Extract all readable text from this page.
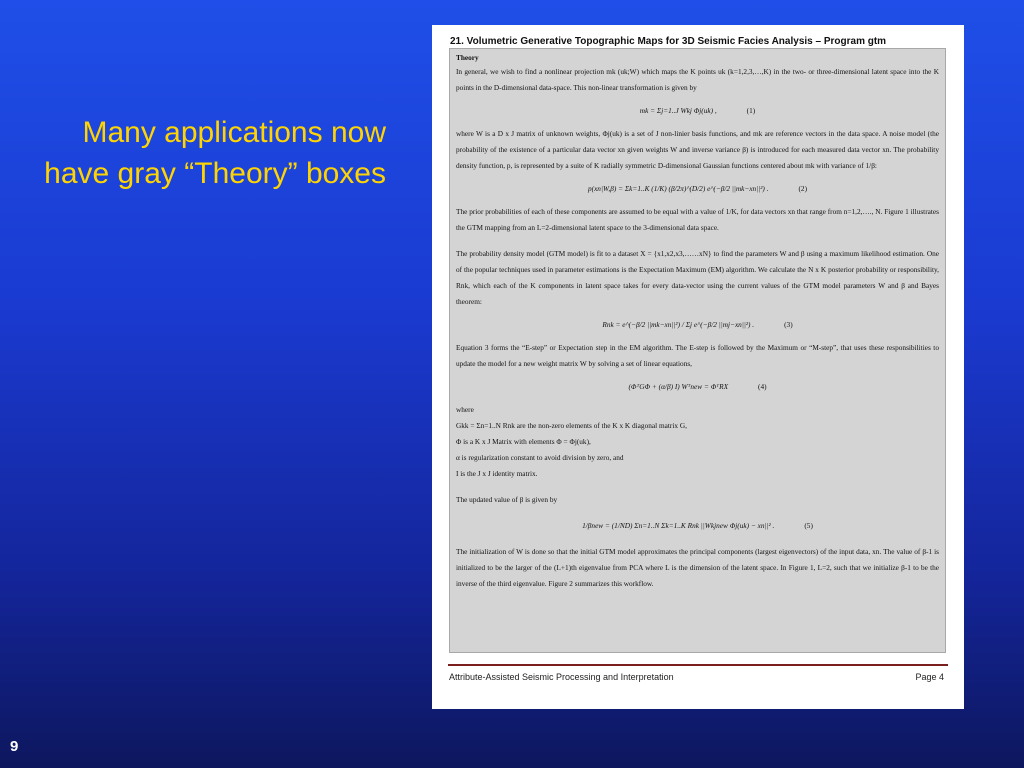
Many applications now have gray “Theory” boxes
21. Volumetric Generative Topographic Maps for 3D Seismic Facies Analysis – Program gtm

Theory

In general, we wish to find a nonlinear projection mk (uk;W) which maps the K points uk (k=1,2,3,…,K) in the two- or three-dimensional latent space into the K points in the D-dimensional data-space. This non-linear transformation is given by

mk = Σj=1..J Wkj Φj(uk) ,	(1)

where W is a D x J matrix of unknown weights, Φj(uk) is a set of J non-linier basis functions, and mk are reference vectors in the data space. A noise model (the probability of the existence of a particular data vector xn given weights W and inverse variance β) is introduced for each measured data vector xn. The probability density function, p, is represented by a suite of K radially symmetric D-dimensional Gaussian functions centered about mk with variance of 1/β:

p(xn|W,β) = Σk=1..K (1/K) (β/2π)^(D/2) e^(−β/2 ||mk−xn||²) .	(2)

The prior probabilities of each of these components are assumed to be equal with a value of 1/K, for data vectors xn that range from n=1,2,…., N. Figure 1 illustrates the GTM mapping from an L=2-dimensional latent space to the 3-dimensional data space.

The probability density model (GTM model) is fit to a dataset X = {x1,x2,x3,……xN} to find the parameters W and β using a maximum likelihood estimation. One of the popular techniques used in parameter estimations is the Expectation Maximum (EM) algorithm. We calculate the N x K posterior probability or responsibility, Rnk, which each of the K components in latent space takes for every data-vector using the current values of the GTM model parameters W and β and Bayes theorem:

Rnk = e^(−β/2 ||mk−xn||²) / Σj e^(−β/2 ||mj−xn||²) .	(3)

Equation 3 forms the “E-step” or Expectation step in the EM algorithm. The E-step is followed by the Maximum or “M-step”, that uses these responsibilities to update the model for a new weight matrix W by solving a set of linear equations,

(ΦᵀGΦ + (α/β) I) Wᵀnew = ΦᵀRX	(4)

where

Gkk = Σn=1..N Rnk are the non-zero elements of the K x K diagonal matrix G,

Φ is a K x J Matrix with elements Φ = Φj(uk),

α is regularization constant to avoid division by zero, and

I is the J x J identity matrix.

The updated value of β is given by

1/βnew = (1/ND) Σn=1..N Σk=1..K Rnk ||Wkjnew Φj(uk) − xn||² .	(5)

The initialization of W is done so that the initial GTM model approximates the principal components (largest eigenvectors) of the input data, xn. The value of β-1 is initialized to be the larger of the (L+1)th eigenvalue from PCA where L is the dimension of the latent space. In Figure 1, L=2, such that we initialize β-1 to be the inverse of the third eigenvalue. Figure 2 summarizes this workflow.

Attribute-Assisted Seismic Processing and Interpretation	Page 4
9
